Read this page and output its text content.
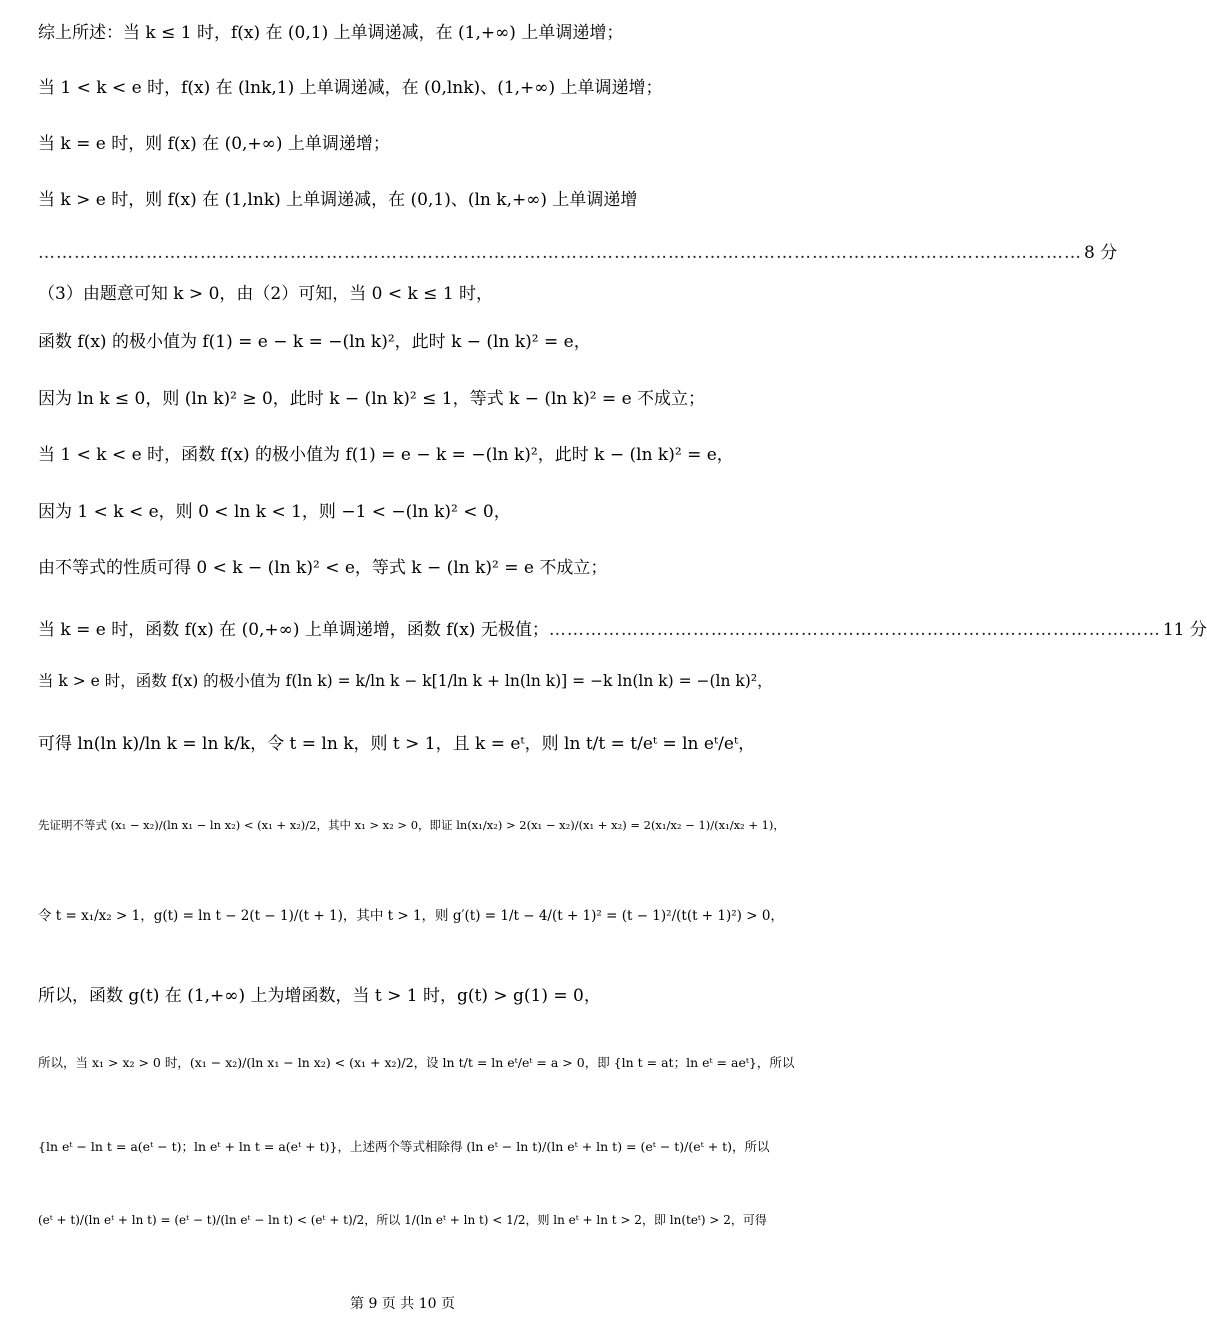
综上所述：当 k ≤ 1 时，f(x) 在 (0,1) 上单调递减，在 (1,+∞) 上单调递增；
当 1 < k < e 时，f(x) 在 (lnk,1) 上单调递减，在 (0,lnk)、(1,+∞) 上单调递增；
当 k = e 时，则 f(x) 在 (0,+∞) 上单调递增；
当 k > e 时，则 f(x) 在 (1,lnk) 上单调递减，在 (0,1)、(ln k,+∞) 上单调递增
………………………………………………………………………………………………………………………………………………………… 8 分
（3）由题意可知 k > 0，由（2）可知，当 0 < k ≤ 1 时，
函数 f(x) 的极小值为 f(1) = e − k = −(ln k)²，此时 k − (ln k)² = e，
因为 ln k ≤ 0，则 (ln k)² ≥ 0，此时 k − (ln k)² ≤ 1，等式 k − (ln k)² = e 不成立；
当 1 < k < e 时，函数 f(x) 的极小值为 f(1) = e − k = −(ln k)²，此时 k − (ln k)² = e，
因为 1 < k < e，则 0 < ln k < 1，则 −1 < −(ln k)² < 0，
由不等式的性质可得 0 < k − (ln k)² < e，等式 k − (ln k)² = e 不成立；
当 k = e 时，函数 f(x) 在 (0,+∞) 上单调递增，函数 f(x) 无极值； ………………………………………………………………………………………… 11 分
当 k > e 时，函数 f(x) 的极小值为 f(ln k) = k/ln k − k[1/ln k + ln(ln k)] = −k ln(ln k) = −(ln k)²，
可得 ln(ln k)/ln k = ln k/k，令 t = ln k，则 t > 1，且 k = eᵗ，则 ln t/t = t/eᵗ = ln eᵗ/eᵗ，
先证明不等式 (x₁ − x₂)/(ln x₁ − ln x₂) < (x₁ + x₂)/2，其中 x₁ > x₂ > 0，即证 ln(x₁/x₂) > 2(x₁ − x₂)/(x₁ + x₂) = 2(x₁/x₂ − 1)/(x₁/x₂ + 1)，
令 t = x₁/x₂ > 1，g(t) = ln t − 2(t − 1)/(t + 1)，其中 t > 1，则 g′(t) = 1/t − 4/(t + 1)² = (t − 1)²/(t(t + 1)²) > 0，
所以，函数 g(t) 在 (1,+∞) 上为增函数，当 t > 1 时，g(t) > g(1) = 0，
所以，当 x₁ > x₂ > 0 时，(x₁ − x₂)/(ln x₁ − ln x₂) < (x₁ + x₂)/2，设 ln t/t = ln eᵗ/eᵗ = a > 0，即 {ln t = at；ln eᵗ = aeᵗ}，所以
{ln eᵗ − ln t = a(eᵗ − t)；ln eᵗ + ln t = a(eᵗ + t)}，上述两个等式相除得 (ln eᵗ − ln t)/(ln eᵗ + ln t) = (eᵗ − t)/(eᵗ + t)，所以
(eᵗ + t)/(ln eᵗ + ln t) = (eᵗ − t)/(ln eᵗ − ln t) < (eᵗ + t)/2，所以 1/(ln eᵗ + ln t) < 1/2，则 ln eᵗ + ln t > 2，即 ln(teᵗ) > 2，可得
第 9 页 共 10 页
